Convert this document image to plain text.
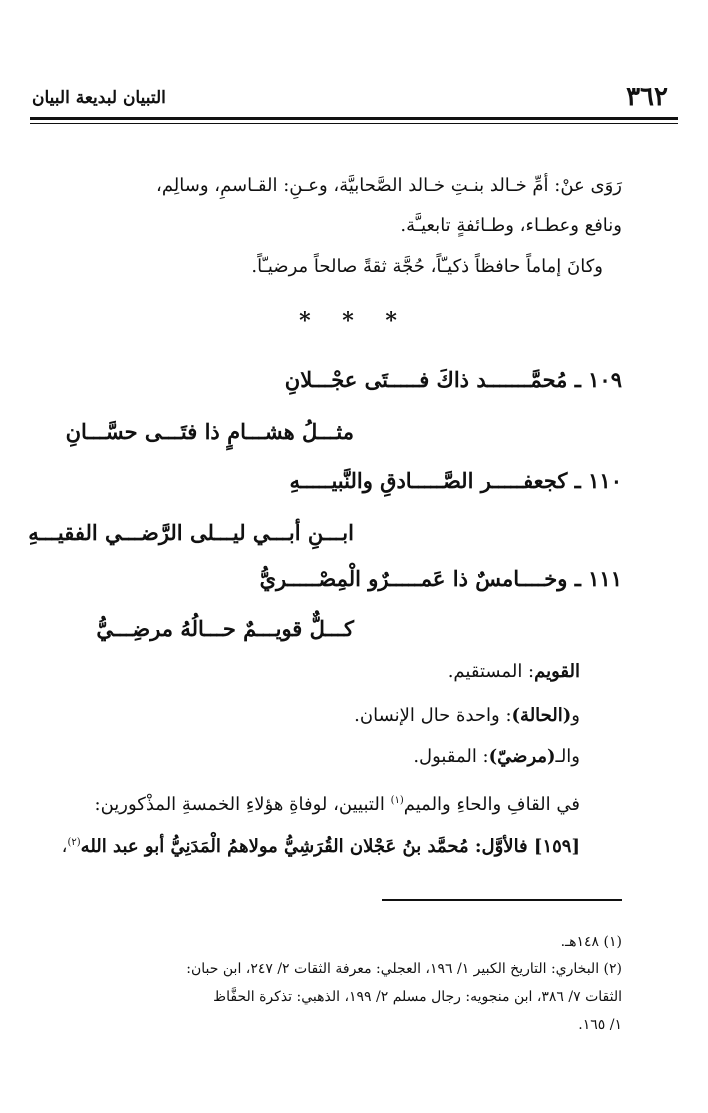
٣٦٢
التبيان لبديعة البيان
رَوَى عنْ: أمِّ خـالد بنـتِ خـالد الصَّحابيَّة، وعـنِ: القـاسمِ، وسالِم،
ونافع وعطـاء، وطـائفةٍ تابعيـَّة.
وكانَ إماماً حافظاً ذكيـّاً، حُجَّة ثقةً صالحاً مرضيـّاً.
* * *
١٠٩ ـ مُحمَّـــــــد ذاكَ فـــــتَى عجْـــلانِ
مثـــلُ هشـــامٍ ذا فتَـــى حسَّـــانِ
١١٠ ـ كجعفـــــر الصَّـــــادقِ والنَّبيـــــهِ
ابـــنِ أبـــي ليـــلى الرَّضـــي الفقيـــهِ
١١١ ـ وخــــامسٌ ذا عَمـــــرٌو الْمِصْـــــريُّ
كـــلٌّ قويـــمٌ حـــالُهُ مرضِـــيُّ
القويم: المستقيم.
و(الحالة): واحدة حال الإنسان.
والـ(مرضيّ): المقبول.
في القافِ والحاءِ والميم$^{(١)}$ التبيين، لوفاةِ هؤلاءِ الخمسةِ المذْكورين:
[١٥٩] فالأوَّل: مُحمَّد بنُ عَجْلان القُرَشِيُّ مولاهمُ الْمَدَنِيُّ أبو عبد الله$^{(٢)}$،
(١) ١٤٨هـ.
(٢) البخاري: التاريخ الكبير ١/ ١٩٦، العجلي: معرفة الثقات ٢/ ٢٤٧، ابن حبان:
الثقات ٧/ ٣٨٦، ابن منجويه: رجال مسلم ٢/ ١٩٩، الذهبي: تذكرة الحفَّاظ
١/ ١٦٥.
